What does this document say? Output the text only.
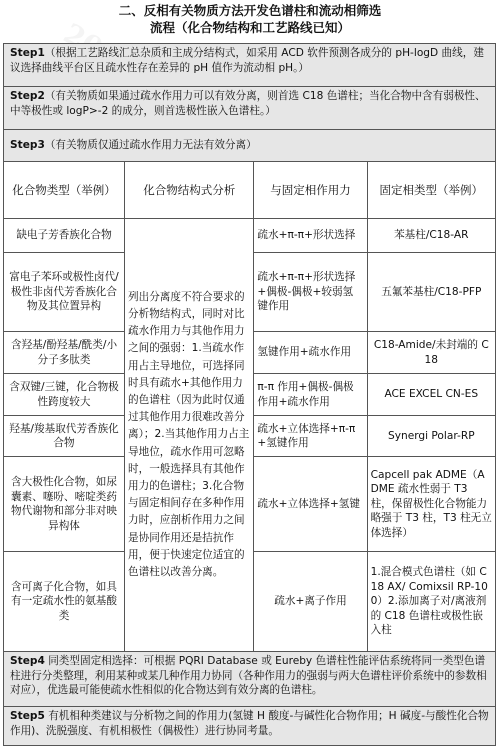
二、反相有关物质方法开发色谱柱和流动相筛选
流程（化合物结构和工艺路线已知）
Step1（根据工艺路线汇总杂质和主成分结构式，如采用 ACD 软件预测各成分的 pH-logD 曲线，建议选择曲线平台区且疏水性存在差异的 pH 值作为流动相 pH。）
Step2（有关物质如果通过疏水作用力可以有效分离，则首选 C18 色谱柱；当化合物中含有弱极性、中等极性或 logP>-2 的成分，则首选极性嵌入色谱柱。）
Step3（有关物质仅通过疏水作用力无法有效分离）
化合物类型（举例）	化合物结构式分析	与固定相作用力	固定相类型（举例）
缺电子芳香族化合物	列出分离度不符合要求的分析物结构式，同时对比疏水作用力与其他作用力之间的强弱：1.当疏水作用占主导地位，可选择同时具有疏水+其他作用力的色谱柱（因为此时仅通过其他作用力很难改善分离）；2.当其他作用力占主导地位，疏水作用可忽略时，一般选择具有其他作用力的色谱柱；3.化合物与固定相间存在多种作用力时，应剖析作用力之间是协同作用还是拮抗作用，便于快速定位适宜的色谱柱以改善分离。	疏水+π-π+形状选择	苯基柱/C18-AR
富电子苯环或极性卤代/极性非卤代芳香族化合物及其位置异构		疏水+π-π+形状选择+偶极-偶极+较弱氢键作用	五氟苯基柱/C18-PFP
含羟基/酚羟基/酰类/小分子多肽类		氢键作用+疏水作用	C18-Amide/未封端的 C18
含双键/三键，化合物极性跨度较大		π-π 作用+偶极-偶极作用+疏水作用	ACE EXCEL CN-ES
羟基/羧基取代芳香族化合物		疏水+立体选择+π-π+氢键作用	Synergi Polar-RP
含大极性化合物，如尿囊素、噻吩、嘧啶类药物代谢物和部分非对映异构体		疏水+立体选择+氢键	Capcell pak ADME（ADME 疏水性弱于 T3 柱，保留极性化合物能力略强于 T3 柱，T3 柱无立体选择）
含可离子化合物，如具有一定疏水性的氨基酸类		疏水+离子作用	1.混合模式色谱柱（如 C18 AX/ Comixsil RP-100）2.添加离子对/离液剂的 C18 色谱柱或极性嵌入柱
Step4 同类型固定相选择：可根据 PQRI Database 或 Eureby 色谱柱性能评估系统将同一类型色谱柱进行分类整理，利用某种或某几种作用力协同（各种作用力的强弱与两大色谱柱评价系统中的参数相对应），优选最可能使疏水性相似的化合物达到有效分离的色谱柱。
Step5 有机相种类建议与分析物之间的作用力(氢键 H 酸度-与碱性化合物作用；H 碱度-与酸性化合物作用)、洗脱强度、有机相极性（偶极性）进行协同考量。
